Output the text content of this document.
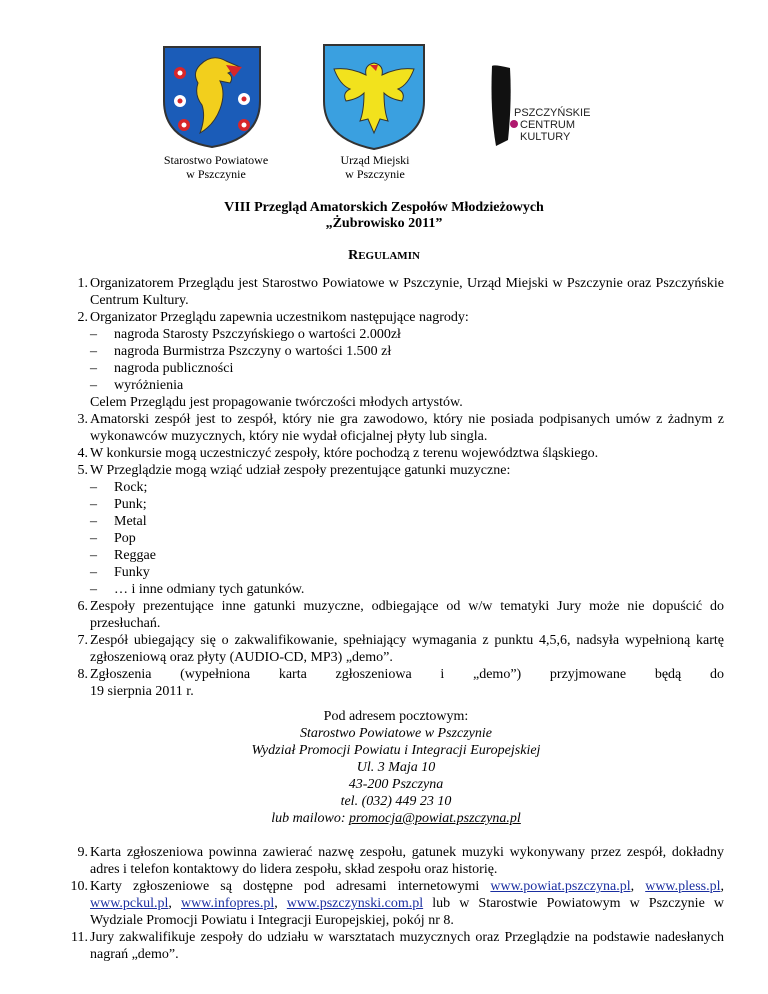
PSZCZYŃSKIE
CENTRUM
KULTURY
Starostwo Powiatowe
w Pszczynie
Urząd Miejski
w Pszczynie
VIII Przegląd Amatorskich Zespołów Młodzieżowych
„Żubrowisko 2011”
REGULAMIN
1. Organizatorem Przeglądu jest Starostwo Powiatowe w Pszczynie, Urząd Miejski w Pszczynie oraz Pszczyńskie Centrum Kultury.
2. Organizator Przeglądu zapewnia uczestnikom następujące nagrody:
– nagroda Starosty Pszczyńskiego o wartości 2.000zł
– nagroda Burmistrza Pszczyny o wartości 1.500 zł
– nagroda publiczności
– wyróżnienia
Celem Przeglądu jest propagowanie twórczości młodych artystów.
3. Amatorski zespół jest to zespół, który nie gra zawodowo, który nie posiada podpisanych umów z żadnym z wykonawców muzycznych, który nie wydał oficjalnej płyty lub singla.
4. W konkursie mogą uczestniczyć zespoły, które pochodzą z terenu województwa śląskiego.
5. W Przeglądzie mogą wziąć udział zespoły prezentujące gatunki muzyczne:
– Rock;
– Punk;
– Metal
– Pop
– Reggae
– Funky
– … i inne odmiany tych gatunków.
6. Zespoły prezentujące inne gatunki muzyczne, odbiegające od w/w tematyki Jury może nie dopuścić do przesłuchań.
7. Zespół ubiegający się o zakwalifikowanie, spełniający wymagania z punktu 4,5,6, nadsyła wypełnioną kartę zgłoszeniową oraz płyty (AUDIO-CD, MP3) „demo”.
8. Zgłoszenia (wypełniona karta zgłoszeniowa i „demo”) przyjmowane będą do
19 sierpnia 2011 r.
Pod adresem pocztowym:
Starostwo Powiatowe w Pszczynie
Wydział Promocji Powiatu i Integracji Europejskiej
Ul. 3 Maja 10
43-200 Pszczyna
tel. (032) 449 23 10
lub mailowo: promocja@powiat.pszczyna.pl
9. Karta zgłoszeniowa powinna zawierać nazwę zespołu, gatunek muzyki wykonywany przez zespół, dokładny adres i telefon kontaktowy do lidera zespołu, skład zespołu oraz historię.
10. Karty zgłoszeniowe są dostępne pod adresami internetowymi www.powiat.pszczyna.pl, www.pless.pl, www.pckul.pl, www.infopres.pl, www.pszczynski.com.pl lub w Starostwie Powiatowym w Pszczynie w Wydziale Promocji Powiatu i Integracji Europejskiej, pokój nr 8.
11. Jury zakwalifikuje zespoły do udziału w warsztatach muzycznych oraz Przeglądzie na podstawie nadesłanych nagrań „demo”.
